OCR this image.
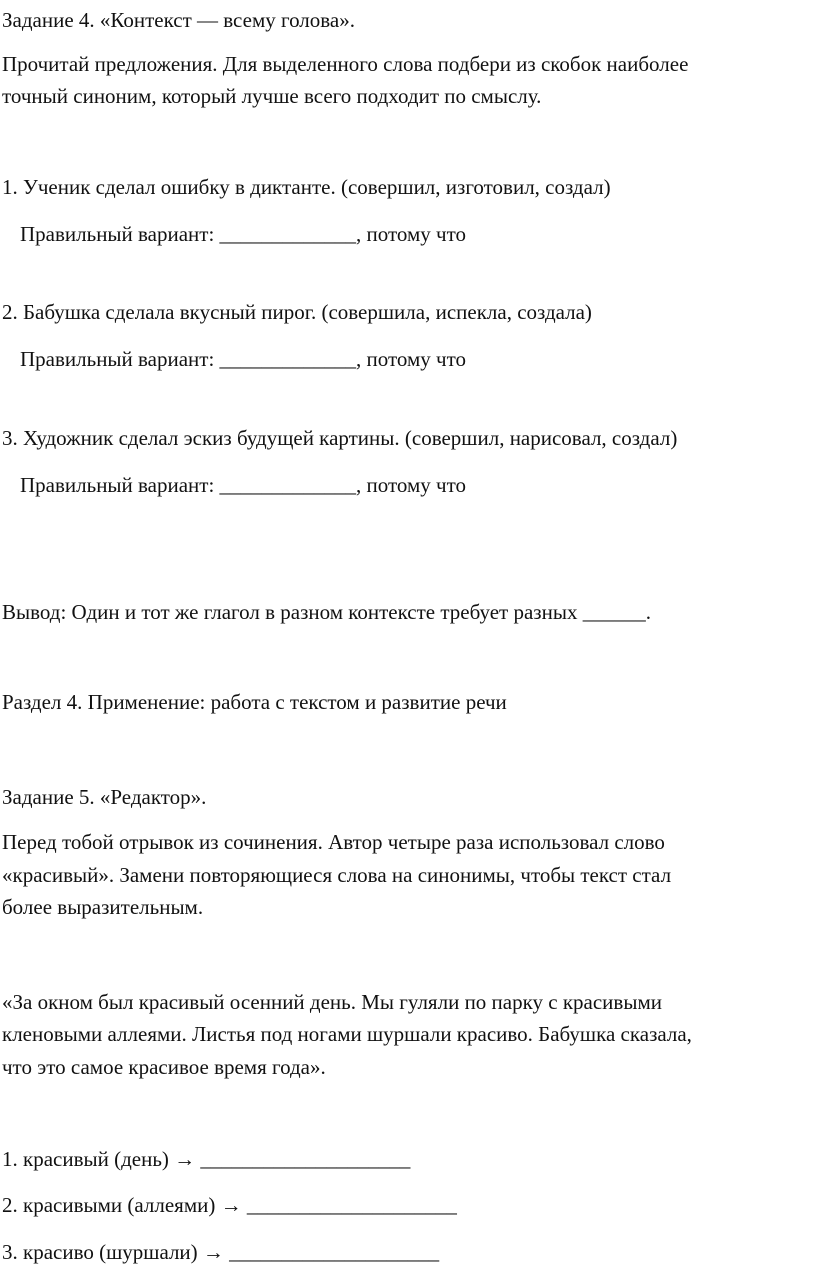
Задание 4. «Контекст — всему голова».
Прочитай предложения. Для выделенного слова подбери из скобок наиболее
точный синоним, который лучше всего подходит по смыслу.
1. Ученик сделал ошибку в диктанте. (совершил, изготовил, создал)
Правильный вариант: _____________, потому что
2. Бабушка сделала вкусный пирог. (совершила, испекла, создала)
Правильный вариант: _____________, потому что
3. Художник сделал эскиз будущей картины. (совершил, нарисовал, создал)
Правильный вариант: _____________, потому что
Вывод: Один и тот же глагол в разном контексте требует разных ______.
Раздел 4. Применение: работа с текстом и развитие речи
Задание 5. «Редактор».
Перед тобой отрывок из сочинения. Автор четыре раза использовал слово
«красивый». Замени повторяющиеся слова на синонимы, чтобы текст стал
более выразительным.
«За окном был красивый осенний день. Мы гуляли по парку с красивыми
кленовыми аллеями. Листья под ногами шуршали красиво. Бабушка сказала,
что это самое красивое время года».
1. красивый (день) → ____________________
2. красивыми (аллеями) → ____________________
3. красиво (шуршали) → ____________________
